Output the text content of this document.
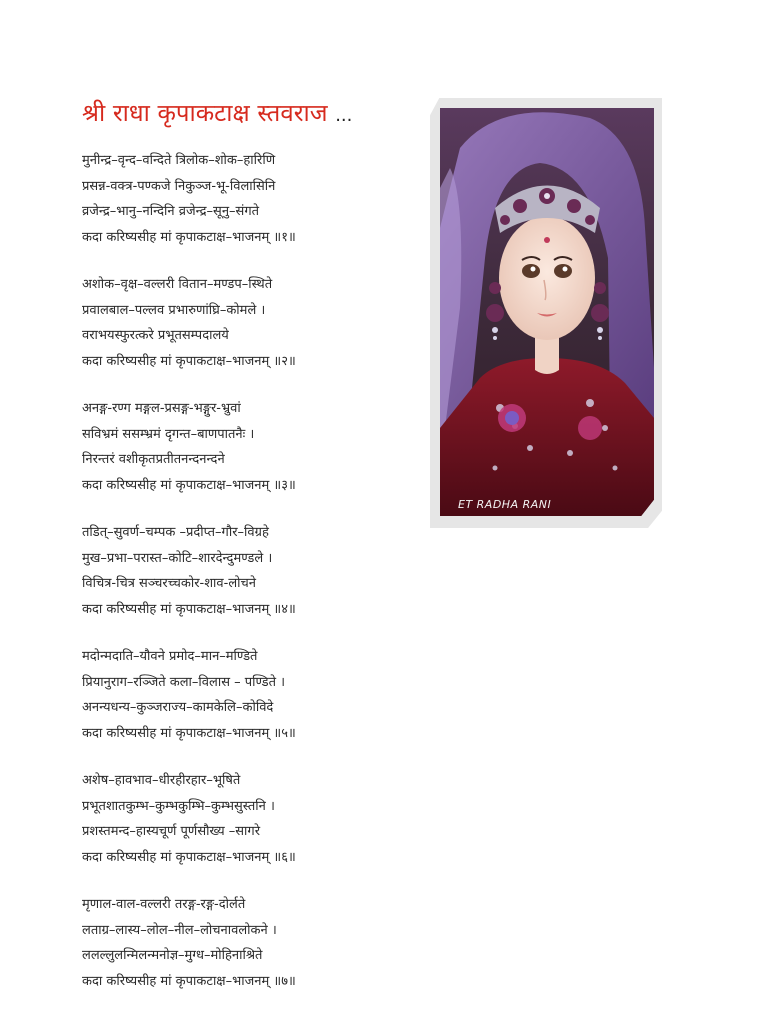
श्री राधा कृपाकटाक्ष स्तवराज ...
मुनीन्द्र–वृन्द–वन्दिते त्रिलोक–शोक–हारिणि
प्रसन्न-वक्त्र-पण्कजे निकुञ्ज-भू-विलासिनि
व्रजेन्द्र–भानु–नन्दिनि व्रजेन्द्र–सूनु–संगते
कदा करिष्यसीह मां कृपाकटाक्ष–भाजनम् ॥१॥
अशोक–वृक्ष–वल्लरी वितान–मण्डप–स्थिते
प्रवालबाल–पल्लव प्रभारुणांघ्रि–कोमले ।
वराभयस्फुरत्करे प्रभूतसम्पदालये
कदा करिष्यसीह मां कृपाकटाक्ष–भाजनम् ॥२॥
अनङ्ग-रण्ग मङ्गल-प्रसङ्ग-भङ्गुर-भ्रुवां
सविभ्रमं ससम्भ्रमं दृगन्त–बाणपातनैः ।
निरन्तरं वशीकृतप्रतीतनन्दनन्दने
कदा करिष्यसीह मां कृपाकटाक्ष–भाजनम् ॥३॥
तडित्–सुवर्ण–चम्पक –प्रदीप्त–गौर–विग्रहे
मुख–प्रभा–परास्त–कोटि–शारदेन्दुमण्डले ।
विचित्र-चित्र सञ्चरच्चकोर-शाव-लोचने
कदा करिष्यसीह मां कृपाकटाक्ष–भाजनम् ॥४॥
मदोन्मदाति–यौवने प्रमोद–मान–मण्डिते
प्रियानुराग–रञ्जिते कला–विलास – पण्डिते ।
अनन्यधन्य–कुञ्जराज्य–कामकेलि–कोविदे
कदा करिष्यसीह मां कृपाकटाक्ष–भाजनम् ॥५॥
अशेष–हावभाव–धीरहीरहार–भूषिते
प्रभूतशातकुम्भ–कुम्भकुम्भि–कुम्भसुस्तनि ।
प्रशस्तमन्द–हास्यचूर्ण पूर्णसौख्य –सागरे
कदा करिष्यसीह मां कृपाकटाक्ष–भाजनम् ॥६॥
मृणाल-वाल-वल्लरी तरङ्ग-रङ्ग-दोर्लते
लताग्र–लास्य–लोल–नील–लोचनावलोकने ।
ललल्लुलन्मिलन्मनोज्ञ–मुग्ध–मोहिनाश्रिते
कदा करिष्यसीह मां कृपाकटाक्ष–भाजनम् ॥७॥
ET RADHA RANI
